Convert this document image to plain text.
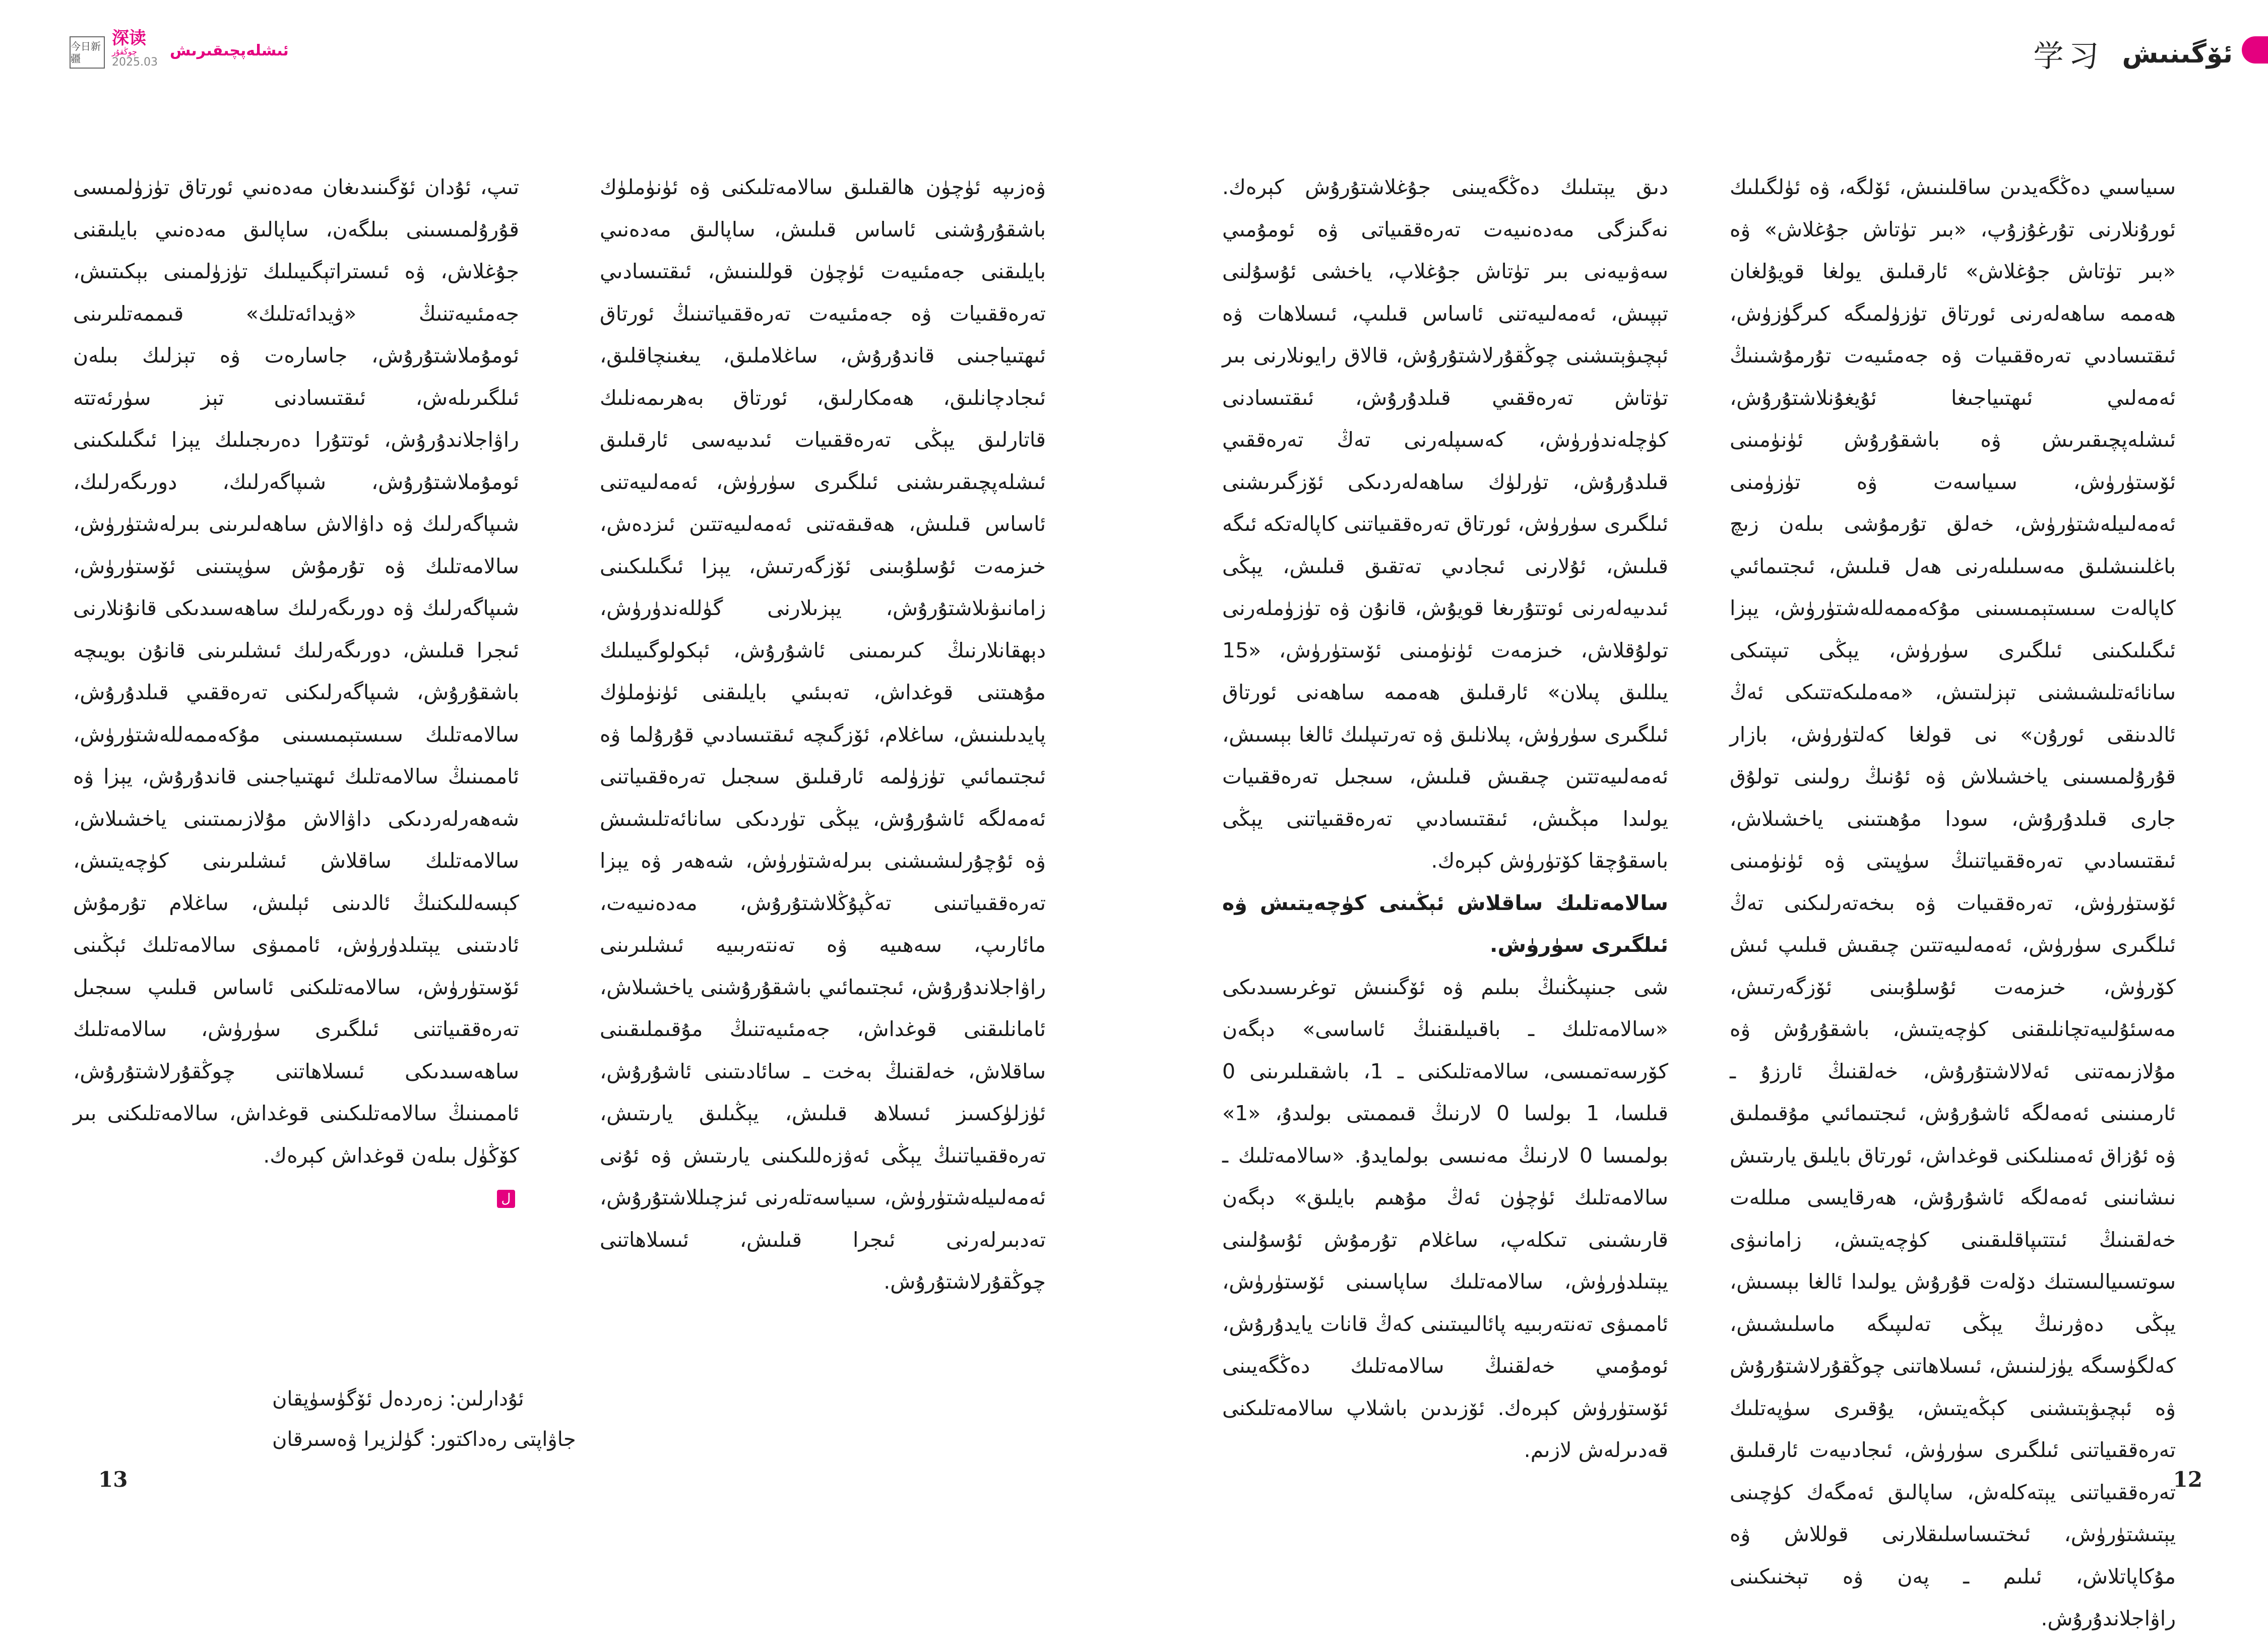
今日新疆
深读
چوڭقۇر
2025.03
ئىشلەپچىقىرىش

تىپ، ئۇدان ئۆگىنىدىغان مەدەنىي ئورتاق تۈزۈلمىسى قۇرۇلمىسىنى بىلگەن، ساپالىق مەدەنىي بايلىقنى جۇغلاش، ۋە ئىستراتېگىيىلىك تۈزۈلمىنى بېكىتىش، جەمئىيەتنىڭ «ۋيدائەتلىك» قىممەتلىرىنى ئومۇملاشتۇرۇش، جاسارەت ۋە تېزلىك بىلەن ئىلگىرىلەش، ئىقتىسادنى تېز سۈرئەتتە راۋاجلاندۇرۇش، ئوتتۇرا دەرىجىلىك يېزا ئىگىلىكىنى ئومۇملاشتۇرۇش، شىپاگەرلىك، دورىگەرلىك، شىپاگەرلىك ۋە داۋالاش ساھەلىرىنى بىرلەشتۈرۈش، سالامەتلىك ۋە تۇرمۇش سۈپىتىنى ئۆستۈرۈش، شىپاگەرلىك ۋە دورىگەرلىك ساھەسىدىكى قانۇنلارنى ئىجرا قىلىش، دورىگەرلىك ئىشلىرىنى قانۇن بويىچە باشقۇرۇش، شىپاگەرلىكنى تەرەققىي قىلدۇرۇش، سالامەتلىك سىستېمىسىنى مۇكەممەللەشتۈرۈش، ئاممىنىڭ سالامەتلىك ئىھتىياجىنى قاندۇرۇش، يېزا ۋە شەھەرلەردىكى داۋالاش مۇلازىمىتىنى ياخشىلاش، سالامەتلىك ساقلاش ئىشلىرىنى كۈچەيتىش، كېسەللىكنىڭ ئالدىنى ئېلىش، ساغلام تۇرمۇش ئادىتىنى يېتىلدۈرۈش، ئاممىۋى سالامەتلىك ئېڭىنى ئۆستۈرۈش، سالامەتلىكنى ئاساس قىلىپ سىجىل تەرەققىياتنى ئىلگىرى سۈرۈش، سالامەتلىك ساھەسىدىكى ئىسلاھاتنى چوڭقۇرلاشتۇرۇش، ئاممىنىڭ سالامەتلىكىنى قوغداش، سالامەتلىكنى بىر كۆڭۈل بىلەن قوغداش كېرەك.

ل

ۋەزىپە ئۈچۈن ھالقىلىق سالامەتلىكنى ۋە ئۈنۈملۈك باشقۇرۇشنى ئاساس قىلىش، ساپالىق مەدەنىي بايلىقنى جەمئىيەت ئۈچۈن قوللىنىش، ئىقتىسادىي تەرەققىيات ۋە جەمئىيەت تەرەققىياتىنىڭ ئورتاق ئىھتىياجىنى قاندۇرۇش، ساغلاملىق، يىغىنچاقلىق، ئىجادچانلىق، ھەمكارلىق، ئورتاق بەھرىمەنلىك قاتارلىق يېڭى تەرەققىيات ئىدىيەسى ئارقىلىق ئىشلەپچىقىرىشنى ئىلگىرى سۈرۈش، ئەمەلىيەتنى ئاساس قىلىش، ھەقىقەتنى ئەمەلىيەتتىن ئىزدەش، خىزمەت ئۇسلۇبىنى ئۆزگەرتىش، يېزا ئىگىلىكىنى زامانىۋىلاشتۇرۇش، يېزىلارنى گۈللەندۈرۈش، دېھقانلارنىڭ كىرىمىنى ئاشۇرۇش، ئېكولوگىيىلىك مۇھىتنى قوغداش، تەبىئىي بايلىقنى ئۈنۈملۈك پايدىلىنىش، ساغلام، ئۆزگىچە ئىقتىسادىي قۇرۇلما ۋە ئىجتىمائىي تۈزۈلمە ئارقىلىق سىجىل تەرەققىياتنى ئەمەلگە ئاشۇرۇش، يېڭى تۈردىكى سانائەتلىشىش ۋە ئۇچۇرلىشىشنى بىرلەشتۈرۈش، شەھەر ۋە يېزا تەرەققىياتىنى تەڭپۇڭلاشتۇرۇش، مەدەنىيەت، مائارىپ، سەھىيە ۋە تەنتەربىيە ئىشلىرىنى راۋاجلاندۇرۇش، ئىجتىمائىي باشقۇرۇشنى ياخشىلاش، ئامانلىقنى قوغداش، جەمئىيەتنىڭ مۇقىملىقىنى ساقلاش، خەلقنىڭ بەخت ـ سائادىتىنى ئاشۇرۇش، ئۈزلۈكسىز ئىسلاھ قىلىش، يېڭىلىق يارىتىش، تەرەققىياتنىڭ يېڭى ئەۋزەللىكىنى يارىتىش ۋە ئۇنى ئەمەلىيلەشتۈرۈش، سىياسەتلەرنى ئىزچىللاشتۇرۇش، تەدبىرلەرنى ئىجرا قىلىش، ئىسلاھاتنى چوڭقۇرلاشتۇرۇش.

ئۇدارلىن: زەردەل ئۆگۈسۈپقان
جاۋاپتى رەداكتور: گۈلزيرا ۋەسىرقان
13
学习 ئۆگىنىش

دىق يېتىلىك دەڭگەيىنى جۇغلاشتۇرۇش كېرەك. نەگىزگى مەدەنىيەت تەرەققىياتى ۋە ئومۇمىي سەۋىيەنى بىر تۈتاش جۇغلاپ، ياخشى ئۇسۇلنى تېپىش، ئەمەلىيەتنى ئاساس قىلىپ، ئىسلاھات ۋە ئېچىۋېتىشنى چوڭقۇرلاشتۇرۇش، قالاق رايونلارنى بىر تۈتاش تەرەققىي قىلدۇرۇش، ئىقتىسادنى كۈچلەندۈرۈش، كەسىپلەرنى تەڭ تەرەققىي قىلدۇرۇش، تۈرلۈك ساھەلەردىكى ئۆزگىرىشنى ئىلگىرى سۈرۈش، ئورتاق تەرەققىياتنى كاپالەتكە ئىگە قىلىش، ئۇلارنى ئىجادىي تەتقىق قىلىش، يېڭى ئىدىيەلەرنى ئوتتۇرىغا قويۇش، قانۇن ۋە تۈزۈملەرنى تولۇقلاش، خىزمەت ئۈنۈمىنى ئۆستۈرۈش، «15 يىللىق پىلان» ئارقىلىق ھەممە ساھەنى ئورتاق ئىلگىرى سۈرۈش، پىلانلىق ۋە تەرتىپلىك ئالغا بېسىش، ئەمەلىيەتتىن چىقىش قىلىش، سىجىل تەرەققىيات يولىدا مېڭىش، ئىقتىسادىي تەرەققىياتنى يېڭى باسقۇچقا كۆتۈرۈش كېرەك.

سالامەتلىك ساقلاش ئېڭىنى كۈچەيتىش ۋە ئىلگىرى سۈرۈش.

شى جىنپىڭنىڭ بىلىم ۋە ئۆگىنىش توغرىسىدىكى «سالامەتلىك ـ باقىيلىقنىڭ ئاساسى» دېگەن كۆرسەتمىسى، سالامەتلىكنى ـ 1، باشقىلىرىنى 0 قىلسا، 1 بولسا 0 لارنىڭ قىممىتى بولىدۇ، «1» بولمىسا 0 لارنىڭ مەنىسى بولمايدۇ. «سالامەتلىك ـ سالامەتلىك ئۈچۈن ئەڭ مۇھىم بايلىق» دېگەن قارىشىنى تىكلەپ، ساغلام تۇرمۇش ئۇسۇلىنى يېتىلدۈرۈش، سالامەتلىك ساپاسىنى ئۆستۈرۈش، ئاممىۋى تەنتەربىيە پائالىيىتىنى كەڭ قانات يايدۇرۇش، ئومۇمىي خەلقنىڭ سالامەتلىك دەڭگەيىنى ئۆستۈرۈش كېرەك. ئۆزىدىن باشلاپ سالامەتلىكنى قەدىرلەش لازىم.

سىياسىي دەڭگەيدىن ساقلىنىش، ئۆلگە، ۋە ئۈلگىلىك ئورۇنلارنى تۇرغۇزۇپ، «بىر تۈتاش جۇغلاش» ۋە «بىر تۈتاش جۇغلاش» ئارقىلىق يولغا قويۇلغان ھەممە ساھەلەرنى ئورتاق تۈزۈلمىگە كىرگۈزۈش، ئىقتىسادىي تەرەققىيات ۋە جەمئىيەت تۇرمۇشىنىڭ ئەمەلىي ئىھتىياجىغا ئۇيغۇنلاشتۇرۇش، ئىشلەپچىقىرىش ۋە باشقۇرۇش ئۈنۈمىنى ئۆستۈرۈش، سىياسەت ۋە تۈزۈمنى ئەمەلىيلەشتۈرۈش، خەلق تۇرمۇشى بىلەن زىچ باغلىنىشلىق مەسىلىلەرنى ھەل قىلىش، ئىجتىمائىي كاپالەت سىستېمىسىنى مۇكەممەللەشتۈرۈش، يېزا ئىگىلىكىنى ئىلگىرى سۈرۈش، يېڭى تىپتىكى سانائەتلىشىشنى تېزلىتىش، «مەملىكەتتىكى ئەڭ ئالدىنقى ئورۇن» نى قولغا كەلتۈرۈش، بازار قۇرۇلمىسىنى ياخشىلاش ۋە ئۇنىڭ رولىنى تولۇق جارى قىلدۇرۇش، سودا مۇھىتىنى ياخشىلاش، ئىقتىسادىي تەرەققىياتنىڭ سۈپىتى ۋە ئۈنۈمىنى ئۆستۈرۈش، تەرەققىيات ۋە بىخەتەرلىكنى تەڭ ئىلگىرى سۈرۈش، ئەمەلىيەتتىن چىقىش قىلىپ ئىش كۆرۈش، خىزمەت ئۇسلۇبىنى ئۆزگەرتىش، مەسئۇلىيەتچانلىقنى كۈچەيتىش، باشقۇرۇش ۋە مۇلازىمەتنى ئەلالاشتۇرۇش، خەلقنىڭ ئارزۇ ـ ئارمىنىنى ئەمەلگە ئاشۇرۇش، ئىجتىمائىي مۇقىملىق ۋە ئۇزاق ئەمىنلىكنى قوغداش، ئورتاق بايلىق يارىتىش نىشانىنى ئەمەلگە ئاشۇرۇش، ھەرقايسى مىللەت خەلقىنىڭ ئىتتىپاقلىقىنى كۈچەيتىش، زامانىۋى سوتسىيالىستىك دۆلەت قۇرۇش يولىدا ئالغا بېسىش، يېڭى دەۋرنىڭ يېڭى تەلىپىگە ماسلىشىش، كەلگۈسىگە يۈزلىنىش، ئىسلاھاتنى چوڭقۇرلاشتۇرۇش ۋە ئېچىۋېتىشنى كېڭەيتىش، يۇقىرى سۈپەتلىك تەرەققىياتنى ئىلگىرى سۈرۈش، ئىجادىيەت ئارقىلىق تەرەققىياتنى يېتەكلەش، ساپالىق ئەمگەك كۈچىنى يېتىشتۈرۈش، ئىختىساسلىقلارنى قوللاش ۋە مۇكاپاتلاش، ئىلىم ـ پەن ۋە تېخنىكىنى راۋاجلاندۇرۇش.

12
